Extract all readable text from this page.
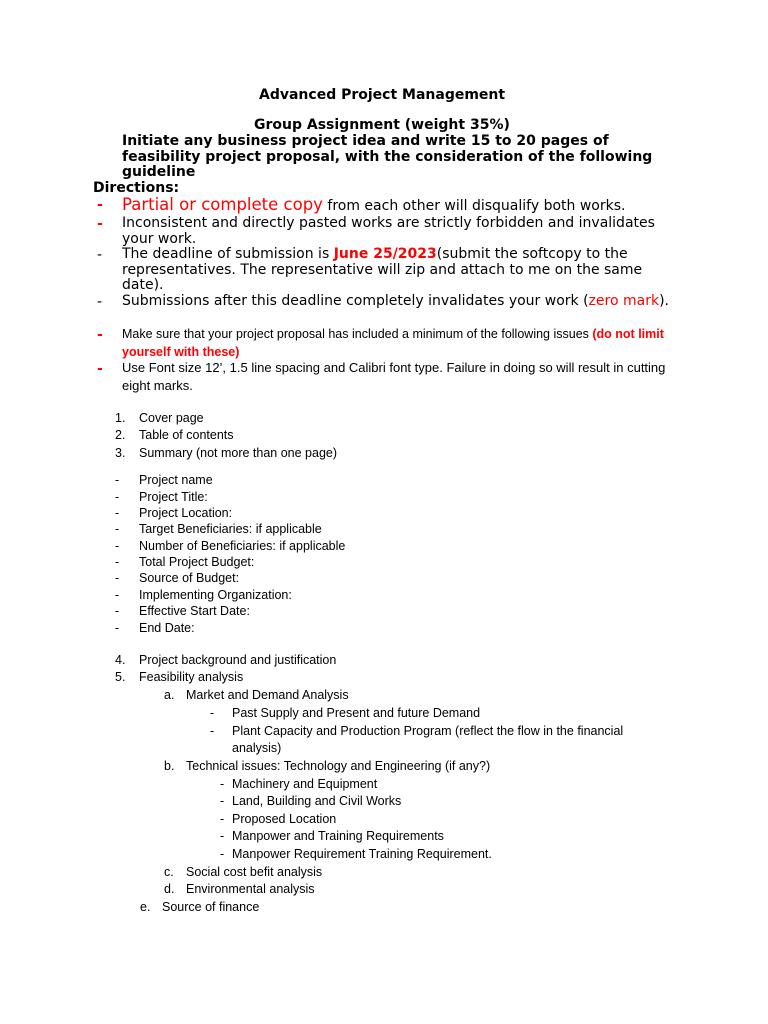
Advanced Project Management
Group Assignment (weight 35%)
Initiate any business project idea and write 15 to 20 pages of feasibility project proposal, with the consideration of the following guideline
Directions:
- Partial or complete copy from each other will disqualify both works.
- Inconsistent and directly pasted works are strictly forbidden and invalidates your work.
- The deadline of submission is June 25/2023(submit the softcopy to the representatives. The representative will zip and attach to me on the same date).
- Submissions after this deadline completely invalidates your work (zero mark).
- Make sure that your project proposal has included a minimum of the following issues (do not limit yourself with these)
- Use Font size 12’, 1.5 line spacing and Calibri font type. Failure in doing so will result in cutting eight marks.
1. Cover page
2. Table of contents
3. Summary (not more than one page)
- Project name
- Project Title:
- Project Location:
- Target Beneficiaries: if applicable
- Number of Beneficiaries: if applicable
- Total Project Budget:
- Source of Budget:
- Implementing Organization:
- Effective Start Date:
- End Date:
4. Project background and justification
5. Feasibility analysis
a. Market and Demand Analysis
- Past Supply and Present and future Demand
- Plant Capacity and Production Program (reflect the flow in the financial
analysis)
b. Technical issues: Technology and Engineering (if any?)
- Machinery and Equipment
- Land, Building and Civil Works
- Proposed Location
- Manpower and Training Requirements
- Manpower Requirement Training Requirement.
c. Social cost befit analysis
d. Environmental analysis
e. Source of finance
